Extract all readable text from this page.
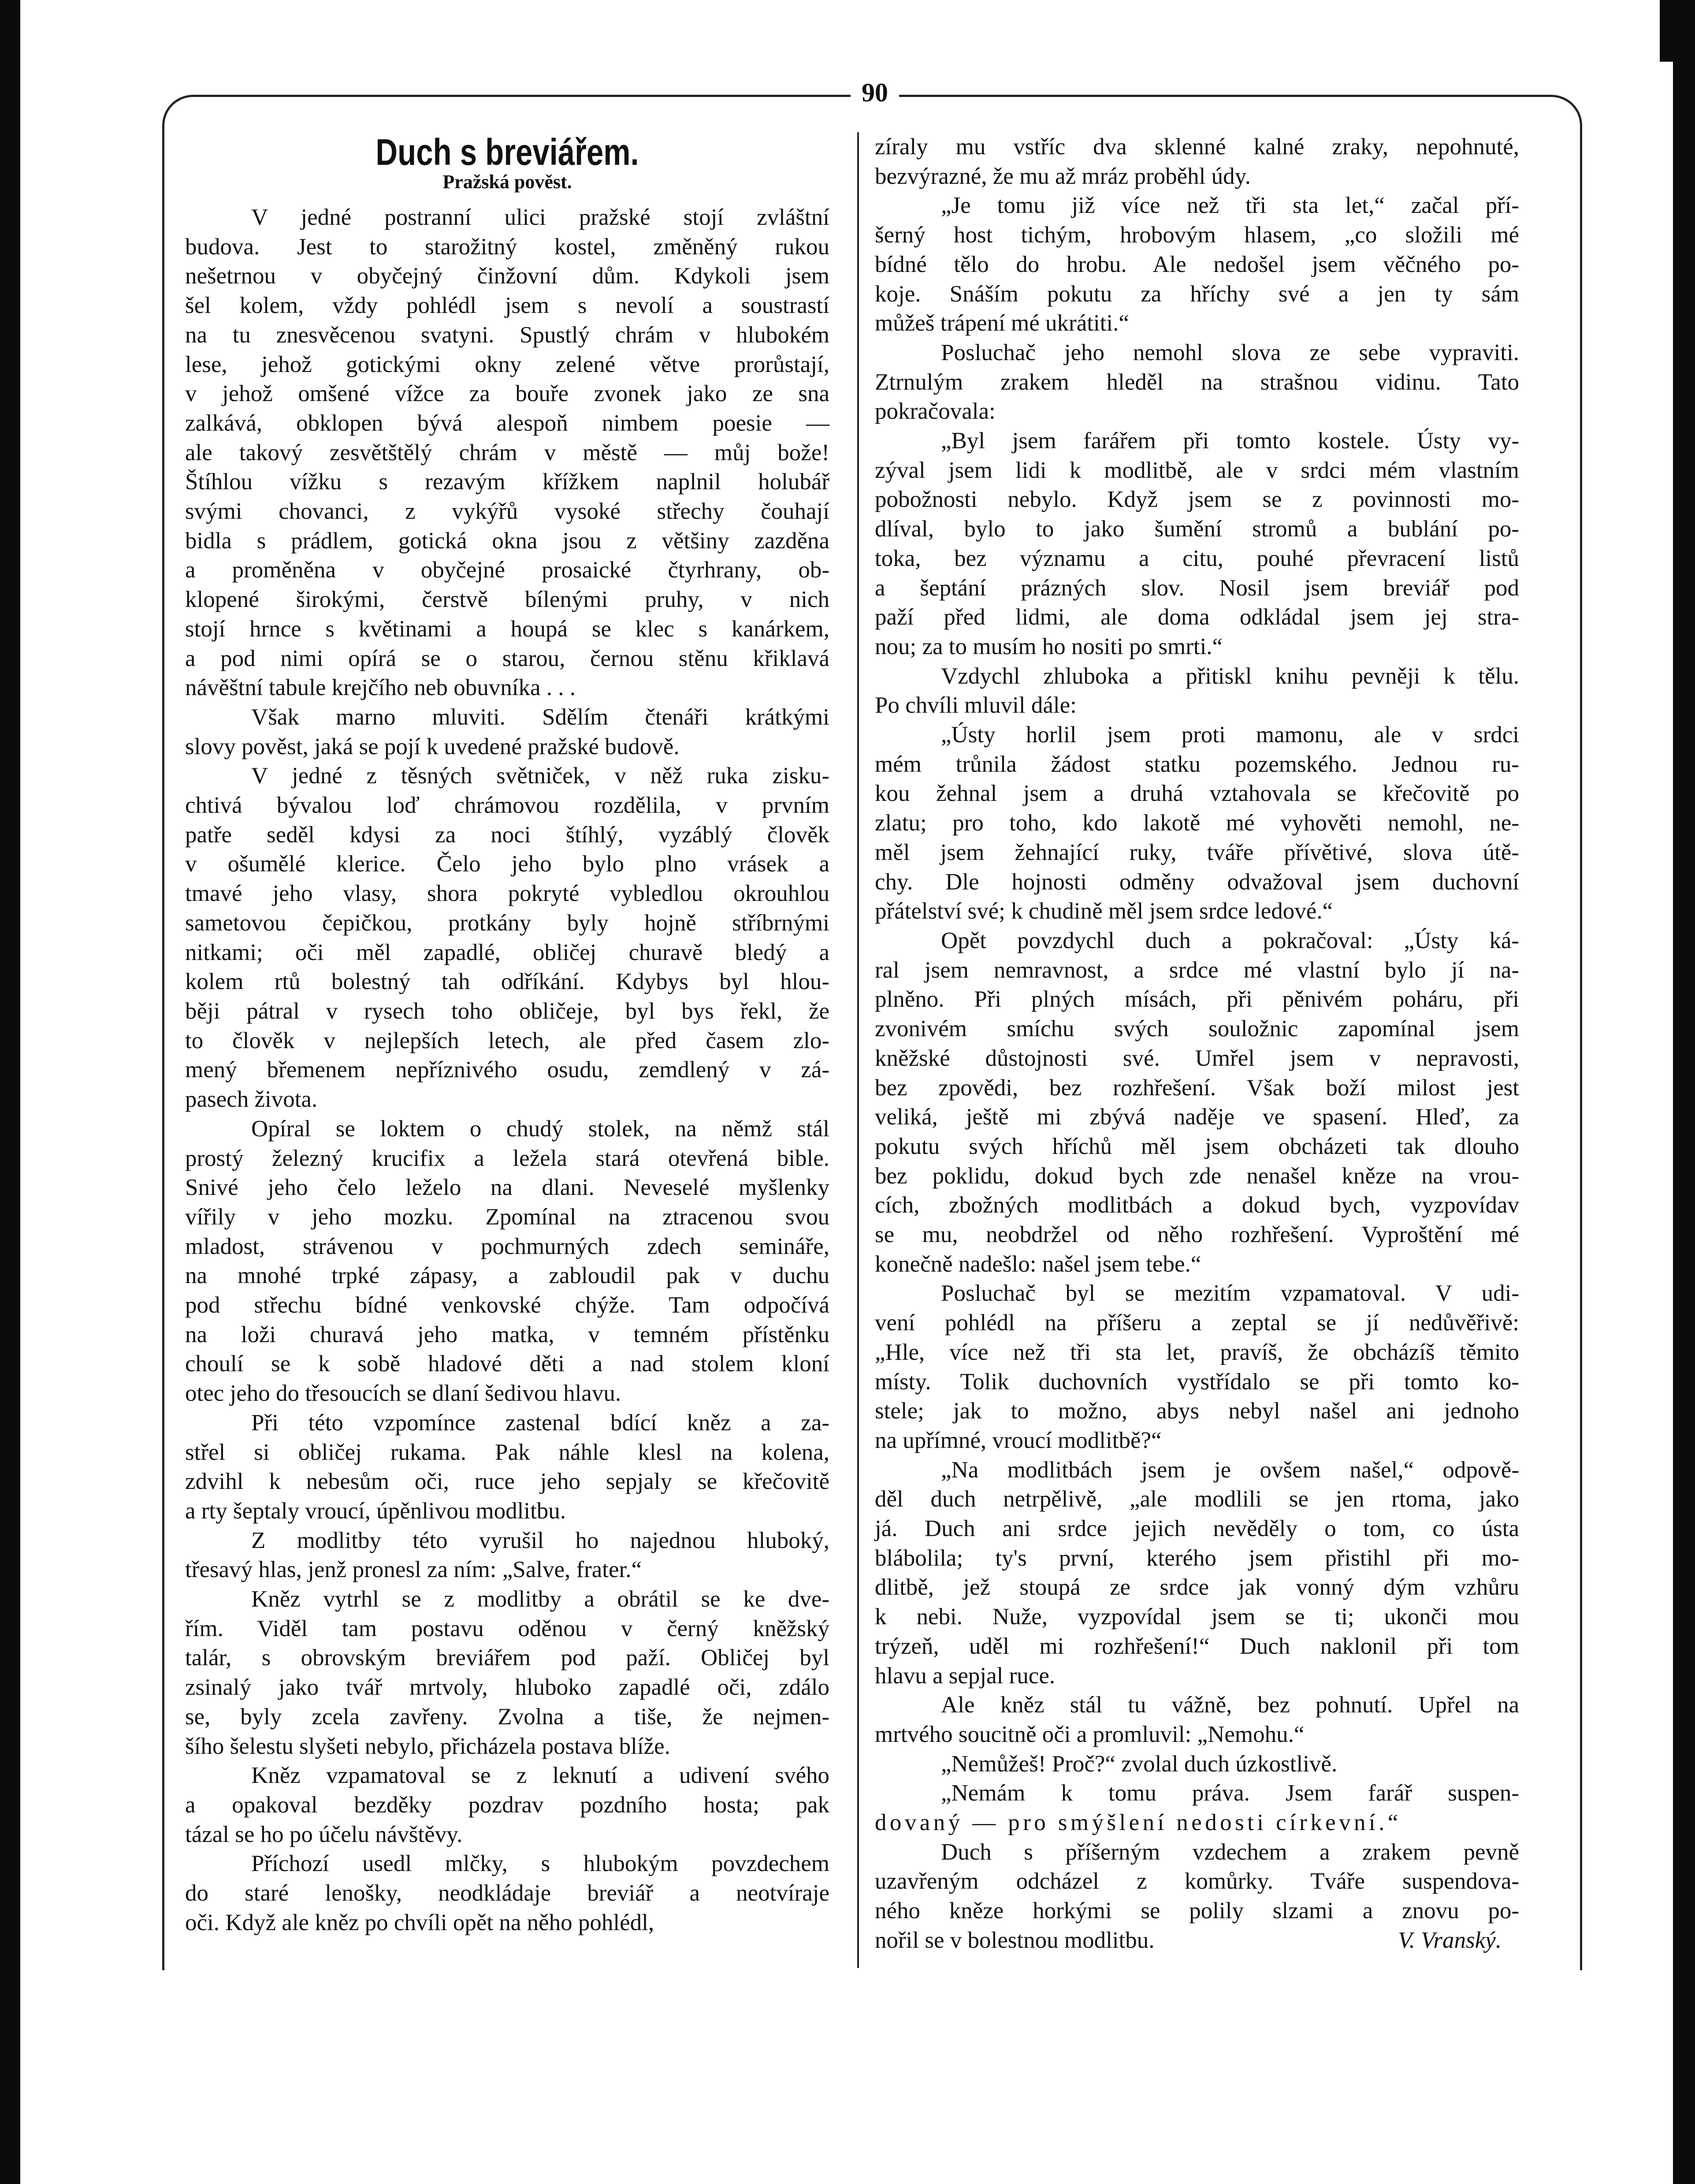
90
Duch s breviářem.
Pražská pověst.
V jedné postranní ulici pražské stojí zvláštní
budova. Jest to starožitný kostel, změněný rukou
nešetrnou v obyčejný činžovní dům. Kdykoli jsem
šel kolem, vždy pohlédl jsem s nevolí a soustrastí
na tu znesvěcenou svatyni. Spustlý chrám v hlubokém
lese, jehož gotickými okny zelené větve prorůstají,
v jehož omšené vížce za bouře zvonek jako ze sna
zalkává, obklopen bývá alespoň nimbem poesie —
ale takový zesvětštělý chrám v městě — můj bože!
Štíhlou vížku s rezavým křížkem naplnil holubář
svými chovanci, z vykýřů vysoké střechy čouhají
bidla s prádlem, gotická okna jsou z většiny zazděna
a proměněna v obyčejné prosaické čtyrhrany, ob-
klopené širokými, čerstvě bílenými pruhy, v nich
stojí hrnce s květinami a houpá se klec s kanárkem,
a pod nimi opírá se o starou, černou stěnu křiklavá
návěštní tabule krejčího neb obuvníka . . .
Však marno mluviti. Sdělím čtenáři krátkými
slovy pověst, jaká se pojí k uvedené pražské budově.
V jedné z těsných světniček, v něž ruka zisku-
chtivá bývalou loď chrámovou rozdělila, v prvním
patře seděl kdysi za noci štíhlý, vyzáblý člověk
v ošumělé klerice. Čelo jeho bylo plno vrásek a
tmavé jeho vlasy, shora pokryté vybledlou okrouhlou
sametovou čepičkou, protkány byly hojně stříbrnými
nitkami; oči měl zapadlé, obličej churavě bledý a
kolem rtů bolestný tah odříkání. Kdybys byl hlou-
běji pátral v rysech toho obličeje, byl bys řekl, že
to člověk v nejlepších letech, ale před časem zlo-
mený břemenem nepříznivého osudu, zemdlený v zá-
pasech života.
Opíral se loktem o chudý stolek, na němž stál
prostý železný krucifix a ležela stará otevřená bible.
Snivé jeho čelo leželo na dlani. Neveselé myšlenky
vířily v jeho mozku. Zpomínal na ztracenou svou
mladost, strávenou v pochmurných zdech semináře,
na mnohé trpké zápasy, a zabloudil pak v duchu
pod střechu bídné venkovské chýže. Tam odpočívá
na loži churavá jeho matka, v temném přístěnku
choulí se k sobě hladové děti a nad stolem kloní
otec jeho do třesoucích se dlaní šedivou hlavu.
Při této vzpomínce zastenal bdící kněz a za-
střel si obličej rukama. Pak náhle klesl na kolena,
zdvihl k nebesům oči, ruce jeho sepjaly se křečovitě
a rty šeptaly vroucí, úpěnlivou modlitbu.
Z modlitby této vyrušil ho najednou hluboký,
třesavý hlas, jenž pronesl za ním: „Salve, frater.“
Kněz vytrhl se z modlitby a obrátil se ke dve-
řím. Viděl tam postavu oděnou v černý kněžský
talár, s obrovským breviářem pod paží. Obličej byl
zsinalý jako tvář mrtvoly, hluboko zapadlé oči, zdálo
se, byly zcela zavřeny. Zvolna a tiše, že nejmen-
šího šelestu slyšeti nebylo, přicházela postava blíže.
Kněz vzpamatoval se z leknutí a udivení svého
a opakoval bezděky pozdrav pozdního hosta; pak
tázal se ho po účelu návštěvy.
Příchozí usedl mlčky, s hlubokým povzdechem
do staré lenošky, neodkládaje breviář a neotvíraje
oči. Když ale kněz po chvíli opět na něho pohlédl,
zíraly mu vstříc dva sklenné kalné zraky, nepohnuté,
bezvýrazné, že mu až mráz proběhl údy.
„Je tomu již více než tři sta let,“ začal pří-
šerný host tichým, hrobovým hlasem, „co složili mé
bídné tělo do hrobu. Ale nedošel jsem věčného po-
koje. Snáším pokutu za hříchy své a jen ty sám
můžeš trápení mé ukrátiti.“
Posluchač jeho nemohl slova ze sebe vypraviti.
Ztrnulým zrakem hleděl na strašnou vidinu. Tato
pokračovala:
„Byl jsem farářem při tomto kostele. Ústy vy-
zýval jsem lidi k modlitbě, ale v srdci mém vlastním
pobožnosti nebylo. Když jsem se z povinnosti mo-
dlíval, bylo to jako šumění stromů a bublání po-
toka, bez významu a citu, pouhé převracení listů
a šeptání prázných slov. Nosil jsem breviář pod
paží před lidmi, ale doma odkládal jsem jej stra-
nou; za to musím ho nositi po smrti.“
Vzdychl zhluboka a přitiskl knihu pevněji k tělu.
Po chvíli mluvil dále:
„Ústy horlil jsem proti mamonu, ale v srdci
mém trůnila žádost statku pozemského. Jednou ru-
kou žehnal jsem a druhá vztahovala se křečovitě po
zlatu; pro toho, kdo lakotě mé vyhověti nemohl, ne-
měl jsem žehnající ruky, tváře přívětivé, slova útě-
chy. Dle hojnosti odměny odvažoval jsem duchovní
přátelství své; k chudině měl jsem srdce ledové.“
Opět povzdychl duch a pokračoval: „Ústy ká-
ral jsem nemravnost, a srdce mé vlastní bylo jí na-
plněno. Při plných mísách, při pěnivém poháru, při
zvonivém smíchu svých souložnic zapomínal jsem
kněžské důstojnosti své. Umřel jsem v nepravosti,
bez zpovědi, bez rozhřešení. Však boží milost jest
veliká, ještě mi zbývá naděje ve spasení. Hleď, za
pokutu svých hříchů měl jsem obcházeti tak dlouho
bez poklidu, dokud bych zde nenašel kněze na vrou-
cích, zbožných modlitbách a dokud bych, vyzpovídav
se mu, neobdržel od něho rozhřešení. Vyproštění mé
konečně nadešlo: našel jsem tebe.“
Posluchač byl se mezitím vzpamatoval. V udi-
vení pohlédl na příšeru a zeptal se jí nedůvěřivě:
„Hle, více než tři sta let, pravíš, že obcházíš těmito
místy. Tolik duchovních vystřídalo se při tomto ko-
stele; jak to možno, abys nebyl našel ani jednoho
na upřímné, vroucí modlitbě?“
„Na modlitbách jsem je ovšem našel,“ odpově-
děl duch netrpělivě, „ale modlili se jen rtoma, jako
já. Duch ani srdce jejich nevěděly o tom, co ústa
blábolila; ty's první, kterého jsem přistihl při mo-
dlitbě, jež stoupá ze srdce jak vonný dým vzhůru
k nebi. Nuže, vyzpovídal jsem se ti; ukonči mou
trýzeň, uděl mi rozhřešení!“ Duch naklonil při tom
hlavu a sepjal ruce.
Ale kněz stál tu vážně, bez pohnutí. Upřel na
mrtvého soucitně oči a promluvil: „Nemohu.“
„Nemůžeš! Proč?“ zvolal duch úzkostlivě.
„Nemám k tomu práva. Jsem farář suspen-
dovaný — pro smýšlení nedosti církevní.“
Duch s příšerným vzdechem a zrakem pevně
uzavřeným odcházel z komůrky. Tváře suspendova-
ného kněze horkými se polily slzami a znovu po-
nořil se v bolestnou modlitbu.	V. Vranský.
